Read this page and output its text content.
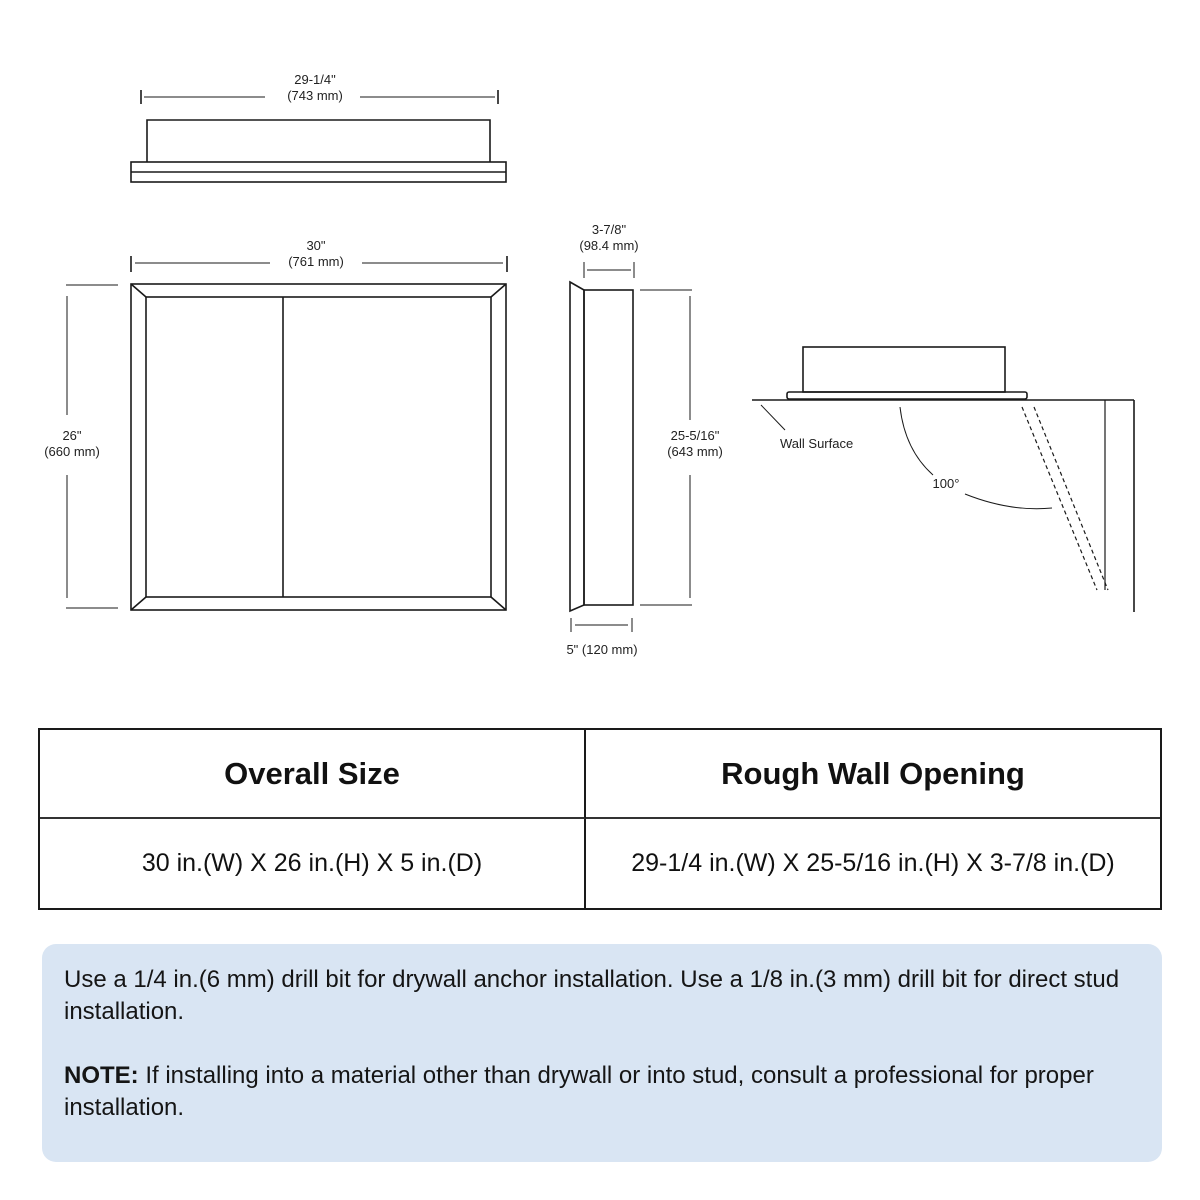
29-1/4"
(743 mm)
30"
(761 mm)
26"
(660 mm)
3-7/8"
(98.4 mm)
25-5/16"
(643 mm)
5" (120 mm)
Wall Surface
100°
Overall Size	Rough Wall Opening
30 in.(W) X 26 in.(H) X 5 in.(D)	29-1/4 in.(W) X 25-5/16 in.(H) X 3-7/8 in.(D)

Use a 1/4 in.(6 mm) drill bit for drywall anchor installation. Use a 1/8 in.(3 mm) drill bit for direct stud installation.

NOTE: If installing into a material other than drywall or into stud, consult a professional for proper installation.
